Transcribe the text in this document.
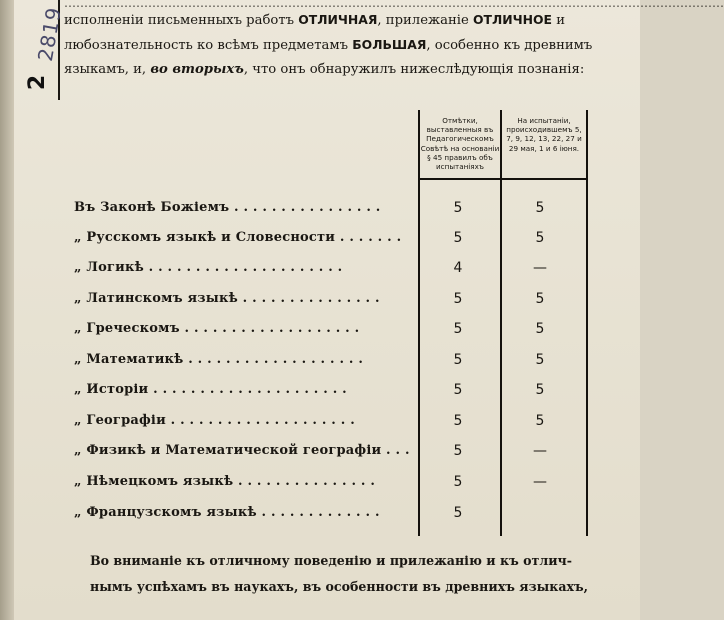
2819
2
…………………………………………………………………………………………………………………………………………………
исполненіи письменныхъ работъ ОТЛИЧНАЯ, прилежаніе ОТЛИЧНОЕ и
любознательность ко всѣмъ предметамъ БОЛЬШАЯ, особенно къ древнимъ
языкамъ, и, во вторыхъ, что онъ обнаружилъ нижеслѣдующія познанія:
Отмѣтки, выставленныя въ Педагогическомъ Совѣтѣ на основаніи § 45 правилъ объ испытаніяхъ
На испытаніи, происходившемъ 5, 7, 9, 12, 13, 22, 27 и 29 мая, 1 и 6 іюня.
Въ Законѣ Божіемъ . . . . . . . . . . . . . . . .	5	5
„ Русскомъ языкѣ и Словесности . . . . . . .	5	5
„ Логикѣ . . . . . . . . . . . . . . . . . . . . .	4	—
„ Латинскомъ языкѣ . . . . . . . . . . . . . . .	5	5
„ Греческомъ . . . . . . . . . . . . . . . . . . .	5	5
„ Математикѣ . . . . . . . . . . . . . . . . . . .	5	5
„ Исторіи . . . . . . . . . . . . . . . . . . . . .	5	5
„ Географіи . . . . . . . . . . . . . . . . . . . .	5	5
„ Физикѣ и Математической географіи . . .	5	—
„ Нѣмецкомъ языкѣ . . . . . . . . . . . . . . .	5	—
„ Французскомъ языкѣ . . . . . . . . . . . . .	5
Во вниманіе къ отличному поведенію и прилежанію и къ отлич-
нымъ успѣхамъ въ наукахъ, въ особенности въ древнихъ языкахъ,
